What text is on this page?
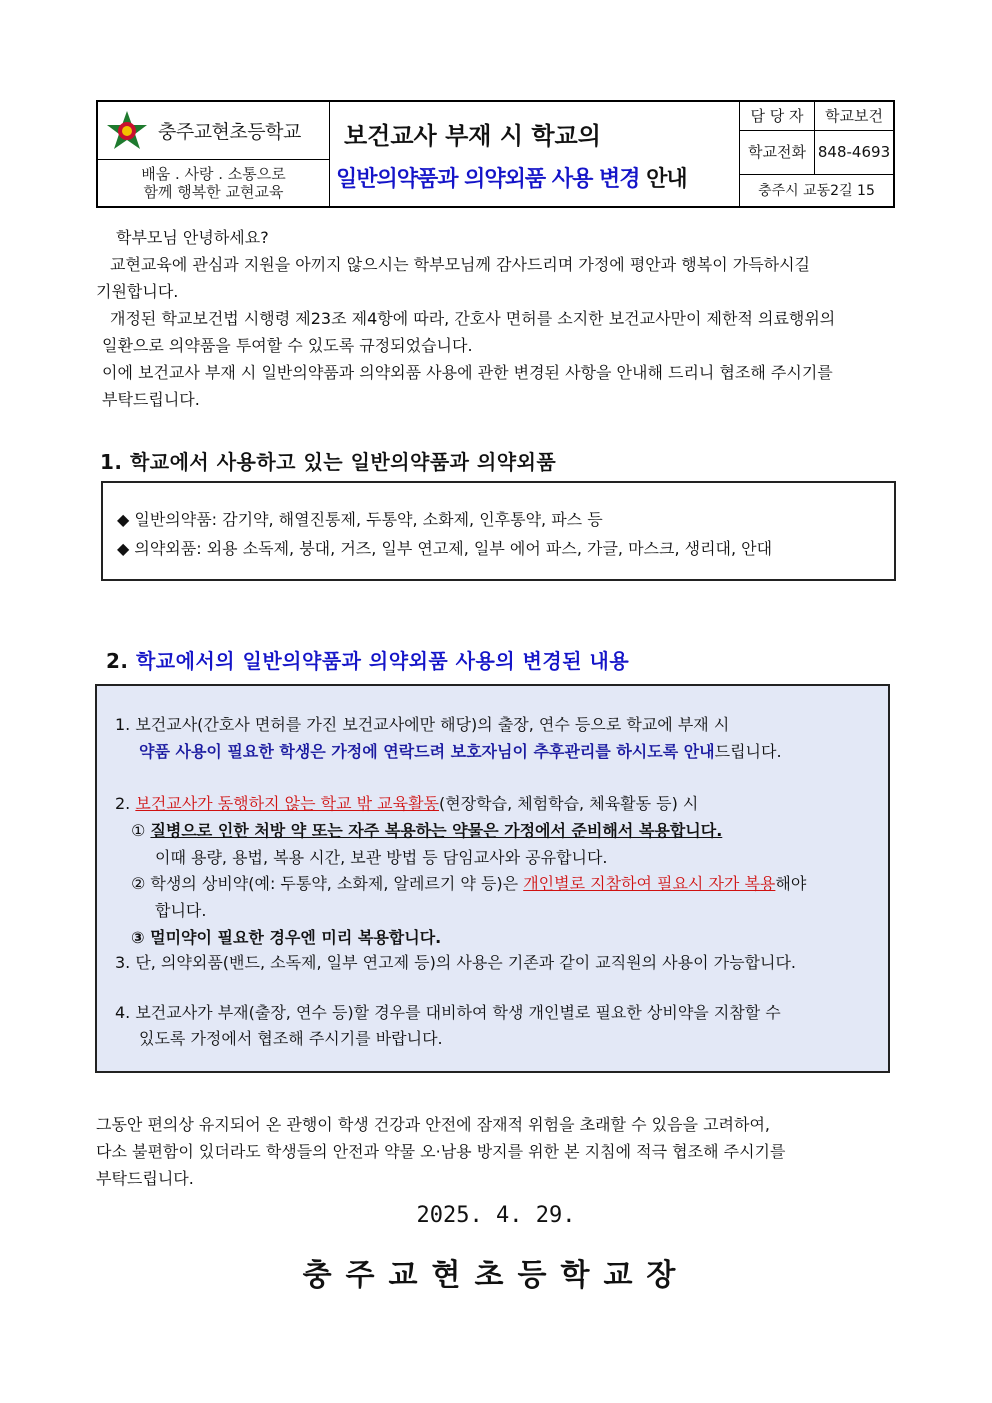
충주교현초등학교
배움 . 사랑 . 소통으로
함께 행복한 교현교육
보건교사 부재 시 학교의
일반의약품과 의약외품 사용 변경 안내
담 당 자	학교보건
학교전화 848-4693
충주시 교동2길 15
학부모님 안녕하세요?
교현교육에 관심과 지원을 아끼지 않으시는 학부모님께 감사드리며 가정에 평안과 행복이 가득하시길
기원합니다.
개정된 학교보건법 시행령 제23조 제4항에 따라, 간호사 면허를 소지한 보건교사만이 제한적 의료행위의
일환으로 의약품을 투여할 수 있도록 규정되었습니다.
이에 보건교사 부재 시 일반의약품과 의약외품 사용에 관한 변경된 사항을 안내해 드리니 협조해 주시기를
부탁드립니다.
1. 학교에서 사용하고 있는 일반의약품과 의약외품
◆ 일반의약품: 감기약, 해열진통제, 두통약, 소화제, 인후통약, 파스 등
◆ 의약외품: 외용 소독제, 붕대, 거즈, 일부 연고제, 일부 에어 파스, 가글, 마스크, 생리대, 안대
2. 학교에서의 일반의약품과 의약외품 사용의 변경된 내용
1. 보건교사(간호사 면허를 가진 보건교사에만 해당)의 출장, 연수 등으로 학교에 부재 시
약품 사용이 필요한 학생은 가정에 연락드려 보호자님이 추후관리를 하시도록 안내드립니다.
2. 보건교사가 동행하지 않는 학교 밖 교육활동(현장학습, 체험학습, 체육활동 등) 시
① 질병으로 인한 처방 약 또는 자주 복용하는 약물은 가정에서 준비해서 복용합니다.
이때 용량, 용법, 복용 시간, 보관 방법 등 담임교사와 공유합니다.
② 학생의 상비약(예: 두통약, 소화제, 알레르기 약 등)은 개인별로 지참하여 필요시 자가 복용해야
합니다.
③ 멀미약이 필요한 경우엔 미리 복용합니다.
3. 단, 의약외품(밴드, 소독제, 일부 연고제 등)의 사용은 기존과 같이 교직원의 사용이 가능합니다.
4. 보건교사가 부재(출장, 연수 등)할 경우를 대비하여 학생 개인별로 필요한 상비약을 지참할 수
있도록 가정에서 협조해 주시기를 바랍니다.
그동안 편의상 유지되어 온 관행이 학생 건강과 안전에 잠재적 위험을 초래할 수 있음을 고려하여,
다소 불편함이 있더라도 학생들의 안전과 약물 오·남용 방지를 위한 본 지침에 적극 협조해 주시기를
부탁드립니다.
2025. 4. 29.
충주교현초등학교장
